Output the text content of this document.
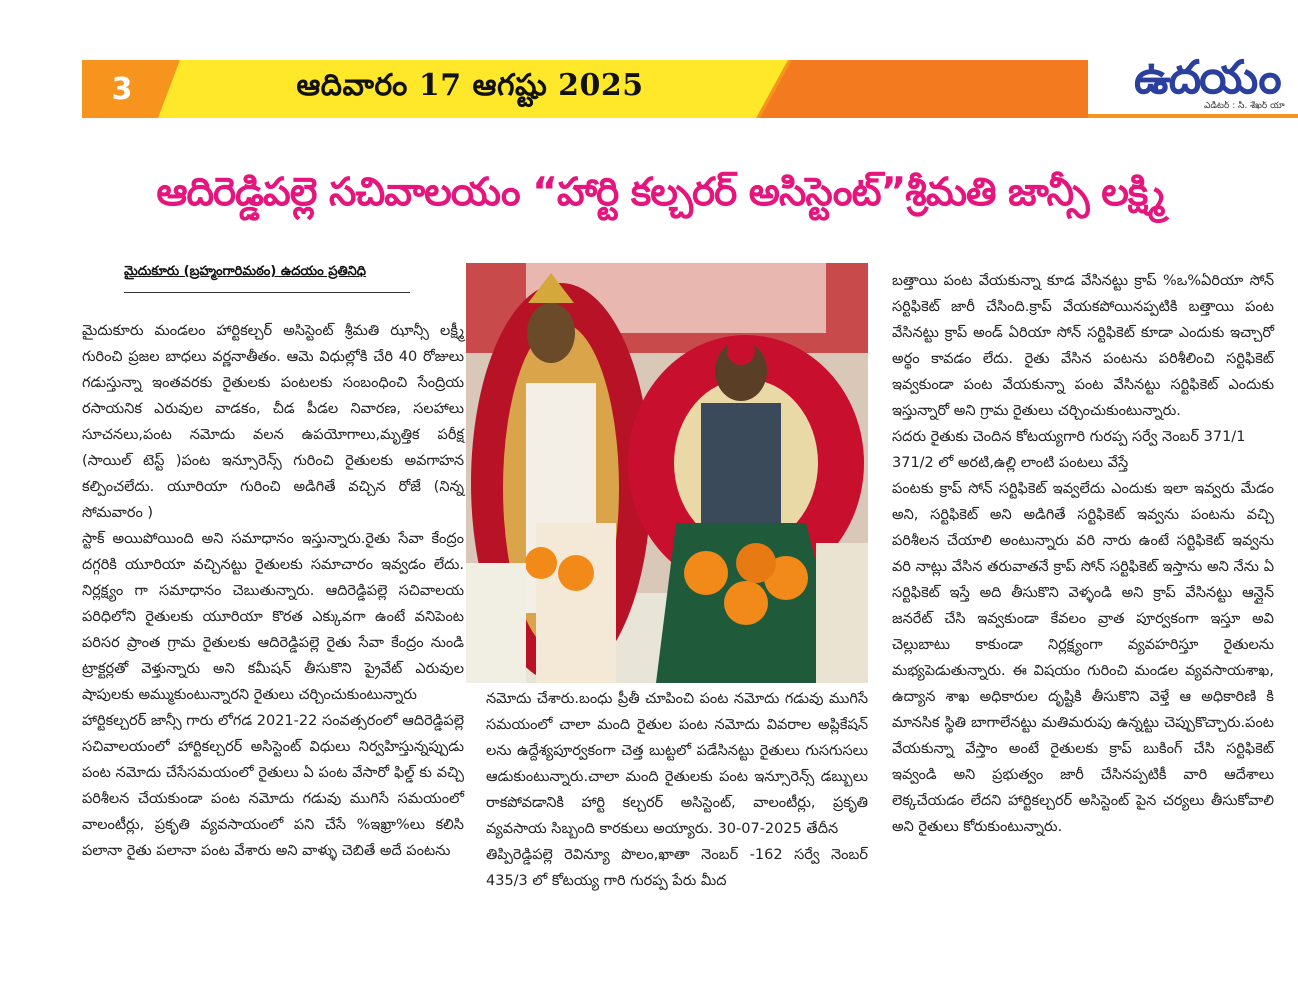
3	ఆదివారం 17 ఆగష్టు 2025	ఉదయం
ఎడిటర్ : సి. శేఖర్ యా
ఆదిరెడ్డిపల్లె సచివాలయం “హార్టి కల్చరర్ అసిస్టెంట్”శ్రీమతి జాన్సీ లక్ష్మి
మైదుకూరు (బ్రహ్మంగారిమఠం) ఉదయం ప్రతినిధి

మైదుకూరు మండలం హార్టికల్చర్ అసిస్టెంట్ శ్రీమతి ఝాన్సీ లక్ష్మీ గురించి ప్రజల బాధలు వర్ణనాతీతం. ఆమె విధుల్లోకి చేరి 40 రోజులు గడుస్తున్నా ఇంతవరకు రైతులకు పంటలకు సంబంధించి సేంద్రియ రసాయనిక ఎరువుల వాడకం, చీడ పీడల నివారణ, సలహాలు సూచనలు,పంట నమోదు వలన ఉపయోగాలు,మృత్తిక పరీక్ష (సాయిల్ టెస్ట్ )పంట ఇన్సూరెన్స్ గురించి రైతులకు అవగాహన కల్పించలేదు. యూరియా గురించి అడిగితే వచ్చిన రోజే (నిన్న సోమవారం )

స్టాక్ అయిపోయింది అని సమాధానం ఇస్తున్నారు.రైతు సేవా కేంద్రం దగ్గరికి యూరియా వచ్చినట్టు రైతులకు సమాచారం ఇవ్వడం లేదు. నిర్లక్ష్యం గా సమాధానం చెబుతున్నారు. ఆదిరెడ్డిపల్లె సచివాలయ పరిధిలోని రైతులకు యూరియా కొరత ఎక్కువగా ఉంటే వనిపెంట పరిసర ప్రాంత గ్రామ రైతులకు ఆదిరెడ్డిపల్లె రైతు సేవా కేంద్రం నుండి ట్రాక్టర్లతో వెళ్తున్నారు అని కమీషన్ తీసుకొని ప్రైవేట్ ఎరువుల షాపులకు అమ్ముకుంటున్నారని రైతులు చర్చించుకుంటున్నారు

హార్టికల్చరర్ జాన్సీ గారు లోగడ 2021-22 సంవత్సరంలో ఆదిరెడ్డిపల్లె సచివాలయంలో హార్టికల్చరర్ అసిస్టెంట్ విధులు నిర్వహిస్తున్నప్పుడు పంట నమోదు చేసేసమయంలో రైతులు ఏ పంట వేసారో ఫిల్డ్ కు వచ్చి పరిశీలన చేయకుండా పంట నమోదు గడువు ముగిసే సమయంలో వాలంటీర్లు, ప్రకృతి వ్యవసాయంలో పని చేసే %ఇఖ్రా%లు కలిసి పలానా రైతు పలానా పంట వేశారు అని వాళ్ళు చెబితే అదే పంటను

నమోదు చేశారు.బంధు ప్రీతీ చూపించి పంట నమోదు గడువు ముగిసే సమయంలో చాలా మంది రైతుల పంట నమోదు వివరాల అప్లికేషన్ లను ఉద్దేశ్యపూర్వకంగా చెత్త బుట్టలో పడేసినట్టు రైతులు గుసగుసలు ఆడుకుంటున్నారు.చాలా మంది రైతులకు పంట ఇన్సూరెన్స్ డబ్బులు రాకపోవడానికి హార్టి కల్చరర్ అసిస్టెంట్, వాలంటీర్లు, ప్రకృతి వ్యవసాయ సిబ్బంది కారకులు అయ్యారు. 30-07-2025 తేదీన

తిప్పిరెడ్డిపల్లె రెవిన్యూ పొలం,ఖాతా నెంబర్ -162 సర్వే నెంబర్ 435/3 లో కోటయ్య గారి గురప్ప పేరు మీద

బత్తాయి పంట వేయకున్నా కూడ వేసినట్టు క్రాప్ %ఒ%ఏరియా సోన్ సర్టిఫికెట్ జారీ చేసింది.క్రాప్ వేయకపోయినప్పటికి బత్తాయి పంట వేసినట్టు క్రాప్ అండ్ ఏరియా సోన్ సర్టిఫికెట్ కూడా ఎందుకు ఇచ్చారో అర్థం కావడం లేదు. రైతు వేసిన పంటను పరిశీలించి సర్టిఫికెట్ ఇవ్వకుండా పంట వేయకున్నా పంట వేసినట్టు సర్టిఫికెట్ ఎందుకు ఇస్తున్నారో అని గ్రామ రైతులు చర్చించుకుంటున్నారు.

సదరు రైతుకు చెందిన కోటయ్యగారి గురప్ప సర్వే నెంబర్ 371/1

371/2 లో అరటి,ఉల్లి లాంటి పంటలు వేస్తే

పంటకు క్రాప్ సోన్ సర్టిఫికెట్ ఇవ్వలేదు ఎందుకు ఇలా ఇవ్వరు మేడం అని, సర్టిఫికెట్ అని అడిగితే సర్టిఫికెట్ ఇవ్వను పంటను వచ్చి పరిశీలన చేయాలి అంటున్నారు వరి నారు ఉంటే సర్టిఫికెట్ ఇవ్వను వరి నాట్లు వేసిన తరువాతనే క్రాప్ సోన్ సర్టిఫికెట్ ఇస్తాను అని నేను ఏ సర్టిఫికెట్ ఇస్తే అది తీసుకొని వెళ్ళండి అని క్రాప్ వేసినట్టు ఆన్లైన్ జనరేట్ చేసి ఇవ్వకుండా కేవలం వ్రాత పూర్వకంగా ఇస్తూ అవి చెల్లుబాటు కాకుండా నిర్లక్ష్యంగా వ్యవహరిస్తూ రైతులను మభ్యపెడుతున్నారు. ఈ విషయం గురించి మండల వ్యవసాయశాఖ, ఉద్యాన శాఖ అధికారుల దృష్టికి తీసుకొని వెళ్తే ఆ అధికారిణి కి మానసిక స్థితి బాగాలేనట్టు మతిమరుపు ఉన్నట్టు చెప్పుకొచ్చారు.పంట వేయకున్నా వేస్తాం అంటే రైతులకు క్రాప్ బుకింగ్ చేసి సర్టిఫికెట్ ఇవ్వండి అని ప్రభుత్వం జారీ చేసినప్పటికీ వారి ఆదేశాలు లెక్కచేయడం లేదని హార్టికల్చరర్ అసిస్టెంట్ పైన చర్యలు తీసుకోవాలి అని రైతులు కోరుకుంటున్నారు.
